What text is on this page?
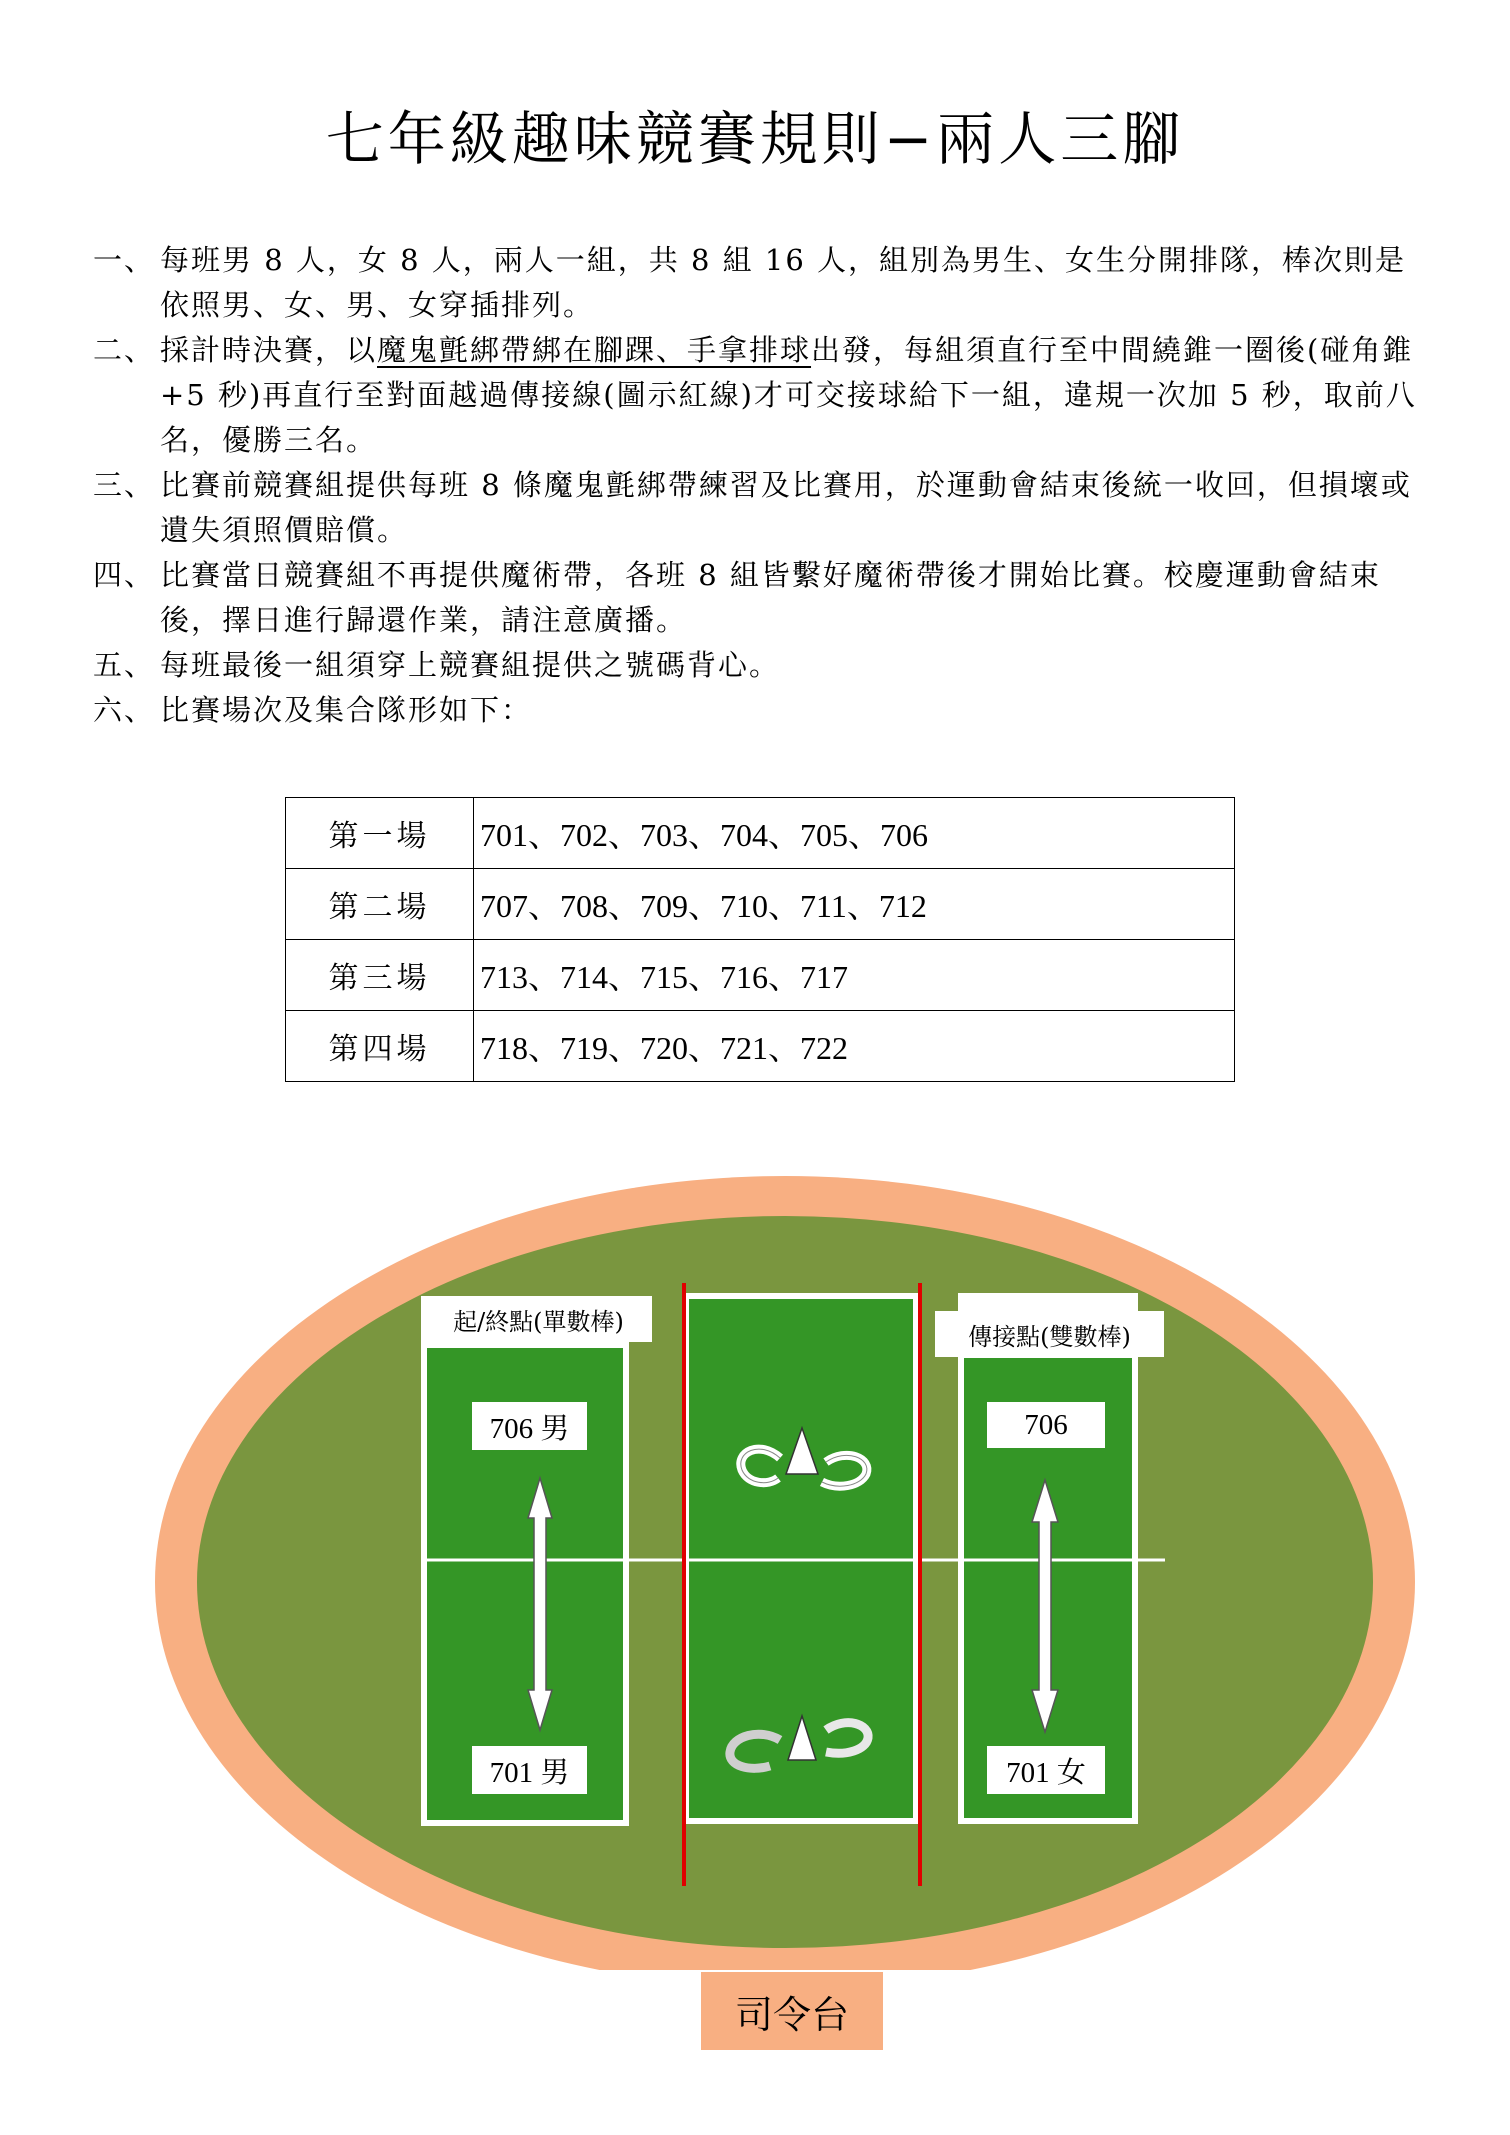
七年級趣味競賽規則−兩人三腳
一、 每班男 8 人，女 8 人，兩人一組，共 8 組 16 人，組別為男生、女生分開排隊，棒次則是依照男、女、男、女穿插排列。
二、 採計時決賽，以魔鬼氈綁帶綁在腳踝、手拿排球出發，每組須直行至中間繞錐一圈後(碰角錐+5 秒)再直行至對面越過傳接線(圖示紅線)才可交接球給下一組，違規一次加 5 秒，取前八名，優勝三名。
三、 比賽前競賽組提供每班 8 條魔鬼氈綁帶練習及比賽用，於運動會結束後統一收回，但損壞或遺失須照價賠償。
四、 比賽當日競賽組不再提供魔術帶，各班 8 組皆繫好魔術帶後才開始比賽。校慶運動會結束後，擇日進行歸還作業，請注意廣播。
五、 每班最後一組須穿上競賽組提供之號碼背心。
六、 比賽場次及集合隊形如下：
第一場	701、702、703、704、705、706
第二場	707、708、709、710、711、712
第三場	713、714、715、716、717
第四場	718、719、720、721、722
起/終點(單數棒)
傳接點(雙數棒)
706 男
701 男
706
701 女
司令台
